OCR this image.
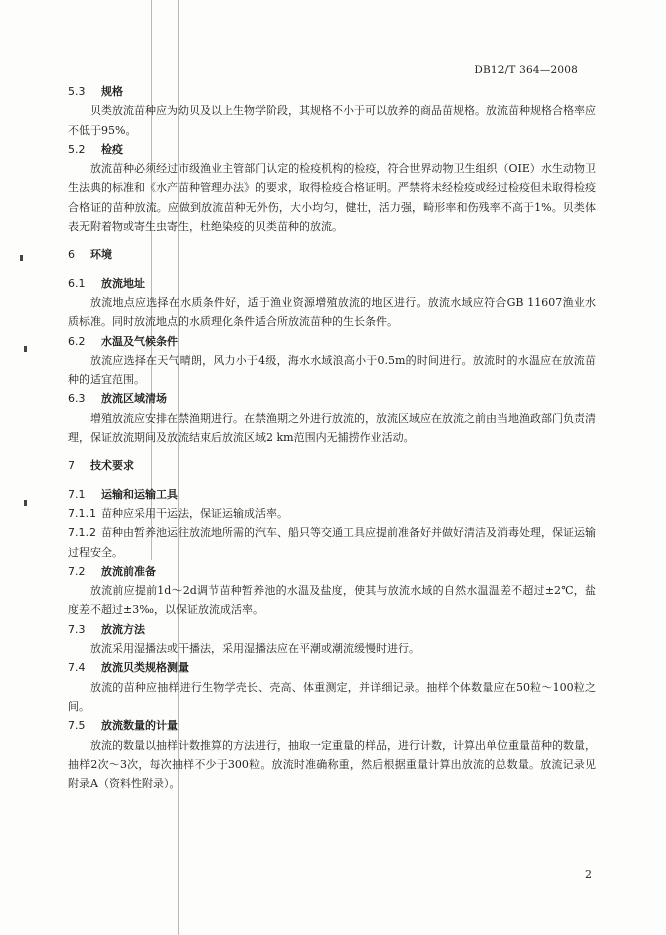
DB12/T 364—2008
5.3 规格

贝类放流苗种应为幼贝及以上生物学阶段，其规格不小于可以放养的商品苗规格。放流苗种规格合格率应不低于95%。

5.2 检疫

放流苗种必须经过市级渔业主管部门认定的检疫机构的检疫，符合世界动物卫生组织（OIE）水生动物卫生法典的标准和《水产苗种管理办法》的要求，取得检疫合格证明。严禁将未经检疫或经过检疫但未取得检疫合格证的苗种放流。应做到放流苗种无外伤，大小均匀，健壮，活力强，畸形率和伤残率不高于1%。贝类体表无附着物或寄生虫寄生，杜绝染疫的贝类苗种的放流。

6 环境
6.1 放流地址

放流地点应选择在水质条件好，适于渔业资源增殖放流的地区进行。放流水域应符合GB 11607渔业水质标准。同时放流地点的水质理化条件适合所放流苗种的生长条件。

6.2 水温及气候条件

放流应选择在天气晴朗，风力小于4级，海水水域浪高小于0.5m的时间进行。放流时的水温应在放流苗种的适宜范围。

6.3 放流区域清场

增殖放流应安排在禁渔期进行。在禁渔期之外进行放流的，放流区域应在放流之前由当地渔政部门负责清理，保证放流期间及放流结束后放流区域2 km范围内无捕捞作业活动。

7 技术要求
7.1 运输和运输工具
7.1.1 苗种应采用干运法，保证运输成活率。
7.1.2 苗种由暂养池运往放流地所需的汽车、船只等交通工具应提前准备好并做好清洁及消毒处理，保证运输过程安全。
7.2 放流前准备

放流前应提前1d～2d调节苗种暂养池的水温及盐度，使其与放流水域的自然水温温差不超过±2℃，盐度差不超过±3‰，以保证放流成活率。

7.3 放流方法

放流采用湿播法或干播法，采用湿播法应在平潮或潮流缓慢时进行。

7.4 放流贝类规格测量

放流的苗种应抽样进行生物学壳长、壳高、体重测定，并详细记录。抽样个体数量应在50粒～100粒之间。

7.5 放流数量的计量

放流的数量以抽样计数推算的方法进行，抽取一定重量的样品，进行计数，计算出单位重量苗种的数量，抽样2次～3次，每次抽样不少于300粒。放流时准确称重，然后根据重量计算出放流的总数量。放流记录见附录A（资料性附录）。

2
